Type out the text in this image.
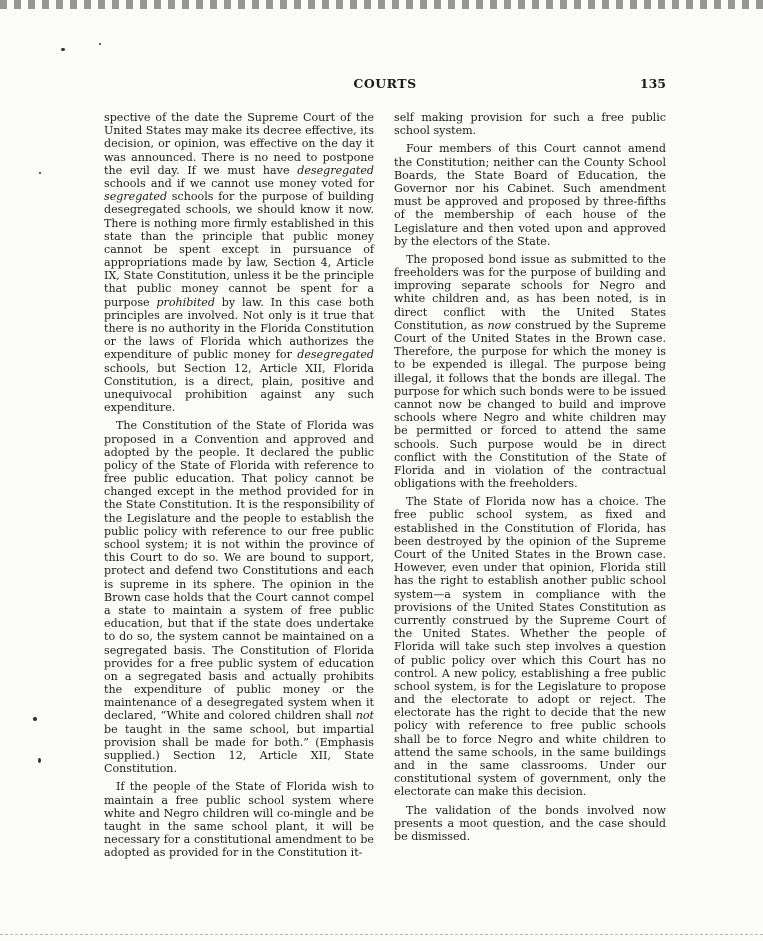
COURTS	135

spective of the date the Supreme Court of the United States may make its decree effective, its decision, or opinion, was effective on the day it was announced. There is no need to postpone the evil day. If we must have desegregated schools and if we cannot use money voted for segregated schools for the purpose of building desegregated schools, we should know it now. There is nothing more firmly established in this state than the principle that public money cannot be spent except in pursuance of appropriations made by law, Section 4, Article IX, State Constitution, unless it be the principle that public money cannot be spent for a purpose prohibited by law. In this case both principles are involved. Not only is it true that there is no authority in the Florida Constitution or the laws of Florida which authorizes the expenditure of public money for desegregated schools, but Section 12, Article XII, Florida Constitution, is a direct, plain, positive and unequivocal prohibition against any such expenditure.

The Constitution of the State of Florida was proposed in a Convention and approved and adopted by the people. It declared the public policy of the State of Florida with reference to free public education. That policy cannot be changed except in the method provided for in the State Constitution. It is the responsibility of the Legislature and the people to establish the public policy with reference to our free public school system; it is not within the province of this Court to do so. We are bound to support, protect and defend two Constitutions and each is supreme in its sphere. The opinion in the Brown case holds that the Court cannot compel a state to maintain a system of free public education, but that if the state does undertake to do so, the system cannot be maintained on a segregated basis. The Constitution of Florida provides for a free public system of education on a segregated basis and actually prohibits the expenditure of public money or the maintenance of a desegregated system when it declared, “White and colored children shall not be taught in the same school, but impartial provision shall be made for both.” (Emphasis supplied.) Section 12, Article XII, State Constitution.

If the people of the State of Florida wish to maintain a free public school system where white and Negro children will co-mingle and be taught in the same school plant, it will be necessary for a constitutional amendment to be adopted as provided for in the Constitution it-

self making provision for such a free public school system.

Four members of this Court cannot amend the Constitution; neither can the County School Boards, the State Board of Education, the Governor nor his Cabinet. Such amendment must be approved and proposed by three-fifths of the membership of each house of the Legislature and then voted upon and approved by the electors of the State.

The proposed bond issue as submitted to the freeholders was for the purpose of building and improving separate schools for Negro and white children and, as has been noted, is in direct conflict with the United States Constitution, as now construed by the Supreme Court of the United States in the Brown case. Therefore, the purpose for which the money is to be expended is illegal. The purpose being illegal, it follows that the bonds are illegal. The purpose for which such bonds were to be issued cannot now be changed to build and improve schools where Negro and white children may be permitted or forced to attend the same schools. Such purpose would be in direct conflict with the Constitution of the State of Florida and in violation of the contractual obligations with the freeholders.

The State of Florida now has a choice. The free public school system, as fixed and established in the Constitution of Florida, has been destroyed by the opinion of the Supreme Court of the United States in the Brown case. However, even under that opinion, Florida still has the right to establish another public school system—a system in compliance with the provisions of the United States Constitution as currently construed by the Supreme Court of the United States. Whether the people of Florida will take such step involves a question of public policy over which this Court has no control. A new policy, establishing a free public school system, is for the Legislature to propose and the electorate to adopt or reject. The electorate has the right to decide that the new policy with reference to free public schools shall be to force Negro and white children to attend the same schools, in the same buildings and in the same classrooms. Under our constitutional system of government, only the electorate can make this decision.

The validation of the bonds involved now presents a moot question, and the case should be dismissed.
